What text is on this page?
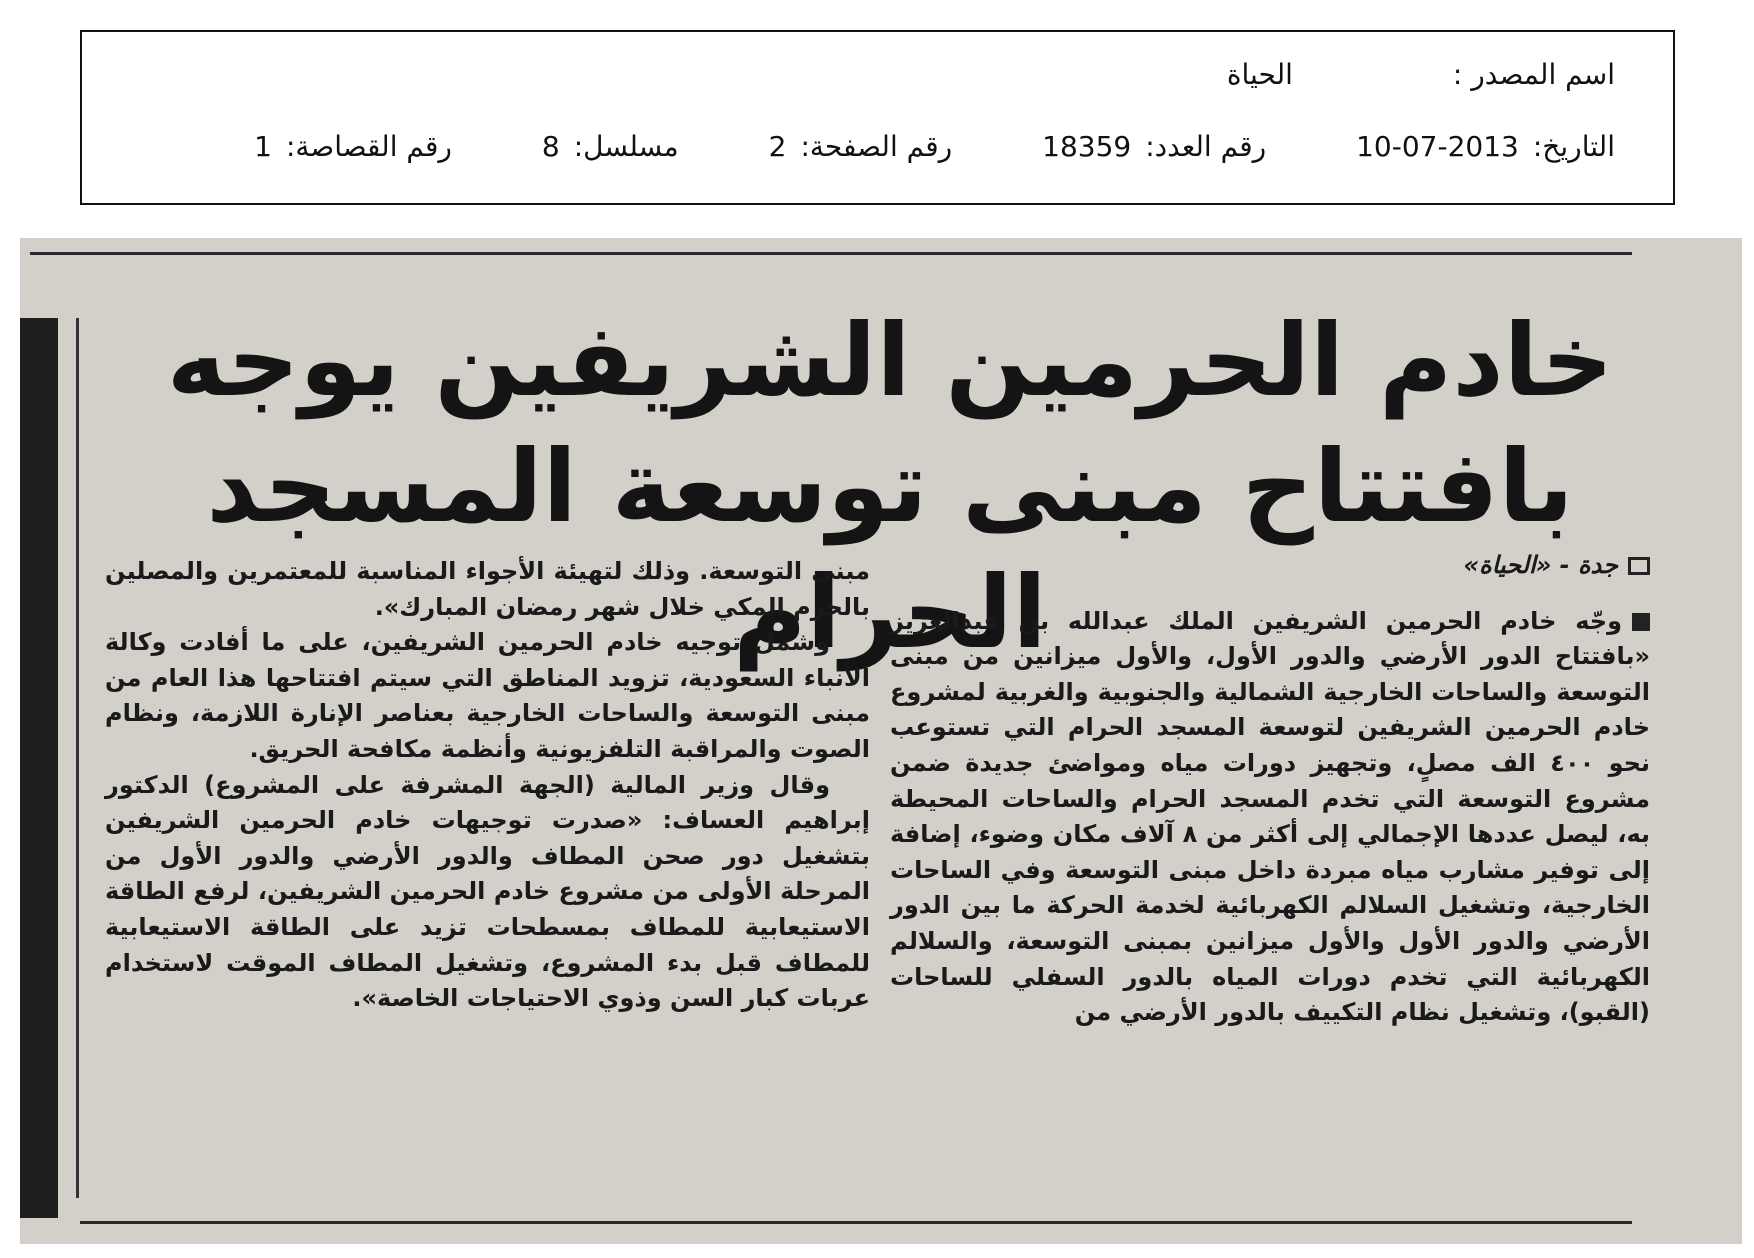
اسم المصدر :
الحياة
التاريخ:2013-07-10
رقم العدد:18359
رقم الصفحة:2
مسلسل:8
رقم القصاصة:1
خادم الحرمين الشريفين يوجه
بافتتاح مبنى توسعة المسجد الحرام	جدة - «الحياة»

وجّه خادم الحرمين الشريفين الملك عبدالله بن عبدالعزيز «بافتتاح الدور الأرضي والدور الأول، والأول ميزانين من مبنى التوسعة والساحات الخارجية الشمالية والجنوبية والغربية لمشروع خادم الحرمين الشريفين لتوسعة المسجد الحرام التي تستوعب نحو ٤٠٠ الف مصلٍ، وتجهيز دورات مياه ومواضئ جديدة ضمن مشروع التوسعة التي تخدم المسجد الحرام والساحات المحيطة به، ليصل عددها الإجمالي إلى أكثر من ٨ آلاف مكان وضوء، إضافة إلى توفير مشارب مياه مبردة داخل مبنى التوسعة وفي الساحات الخارجية، وتشغيل السلالم الكهربائية لخدمة الحركة ما بين الدور الأرضي والدور الأول والأول ميزانين بمبنى التوسعة، والسلالم الكهربائية التي تخدم دورات المياه بالدور السفلي للساحات (القبو)، وتشغيل نظام التكييف بالدور الأرضي من

مبنى التوسعة. وذلك لتهيئة الأجواء المناسبة للمعتمرين والمصلين بالحرم المكي خلال شهر رمضان المبارك».

وشمل توجيه خادم الحرمين الشريفين، على ما أفادت وكالة الأنباء السعودية، تزويد المناطق التي سيتم افتتاحها هذا العام من مبنى التوسعة والساحات الخارجية بعناصر الإنارة اللازمة، ونظام الصوت والمراقبة التلفزيونية وأنظمة مكافحة الحريق.

وقال وزير المالية (الجهة المشرفة على المشروع) الدكتور إبراهيم العساف: «صدرت توجيهات خادم الحرمين الشريفين بتشغيل دور صحن المطاف والدور الأرضي والدور الأول من المرحلة الأولى من مشروع خادم الحرمين الشريفين، لرفع الطاقة الاستيعابية للمطاف بمسطحات تزيد على الطاقة الاستيعابية للمطاف قبل بدء المشروع، وتشغيل المطاف الموقت لاستخدام عربات كبار السن وذوي الاحتياجات الخاصة».
